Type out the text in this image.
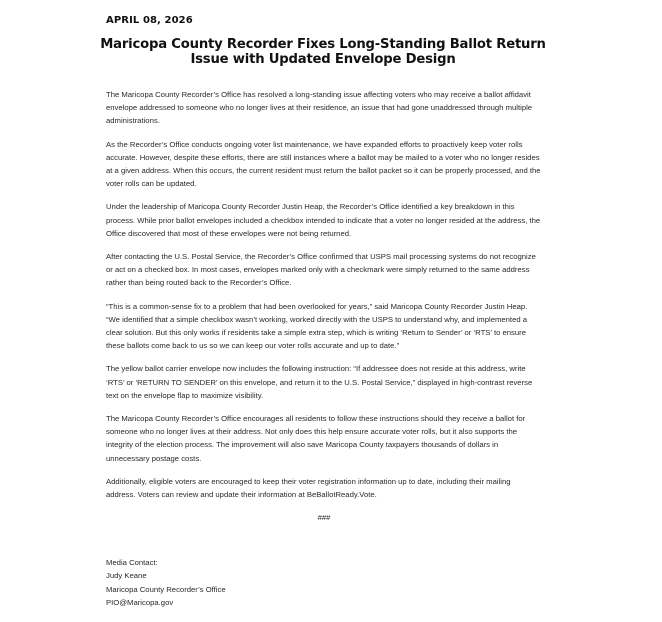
APRIL 08, 2026
Maricopa County Recorder Fixes Long-Standing Ballot Return
Issue with Updated Envelope Design

The Maricopa County Recorder’s Office has resolved a long-standing issue affecting voters who may receive a ballot affidavit envelope addressed to someone who no longer lives at their residence, an issue that had gone unaddressed through multiple administrations.

As the Recorder’s Office conducts ongoing voter list maintenance, we have expanded efforts to proactively keep voter rolls accurate. However, despite these efforts, there are still instances where a ballot may be mailed to a voter who no longer resides at a given address. When this occurs, the current resident must return the ballot packet so it can be properly processed, and the voter rolls can be updated.

Under the leadership of Maricopa County Recorder Justin Heap, the Recorder’s Office identified a key breakdown in this process. While prior ballot envelopes included a checkbox intended to indicate that a voter no longer resided at the address, the Office discovered that most of these envelopes were not being returned.

After contacting the U.S. Postal Service, the Recorder’s Office confirmed that USPS mail processing systems do not recognize or act on a checked box. In most cases, envelopes marked only with a checkmark were simply returned to the same address rather than being routed back to the Recorder’s Office.

“This is a common-sense fix to a problem that had been overlooked for years,” said Maricopa County Recorder Justin Heap. “We identified that a simple checkbox wasn’t working, worked directly with the USPS to understand why, and implemented a clear solution. But this only works if residents take a simple extra step, which is writing ‘Return to Sender’ or ‘RTS’ to ensure these ballots come back to us so we can keep our voter rolls accurate and up to date.”

The yellow ballot carrier envelope now includes the following instruction: “If addressee does not reside at this address, write ‘RTS’ or ‘RETURN TO SENDER’ on this envelope, and return it to the U.S. Postal Service,” displayed in high-contrast reverse text on the envelope flap to maximize visibility.

The Maricopa County Recorder’s Office encourages all residents to follow these instructions should they receive a ballot for someone who no longer lives at their address. Not only does this help ensure accurate voter rolls, but it also supports the integrity of the election process. The improvement will also save Maricopa County taxpayers thousands of dollars in unnecessary postage costs.

Additionally, eligible voters are encouraged to keep their voter registration information up to date, including their mailing address. Voters can review and update their information at BeBallotReady.Vote.

###
Media Contact:
Judy Keane
Maricopa County Recorder’s Office
PIO@Maricopa.gov
